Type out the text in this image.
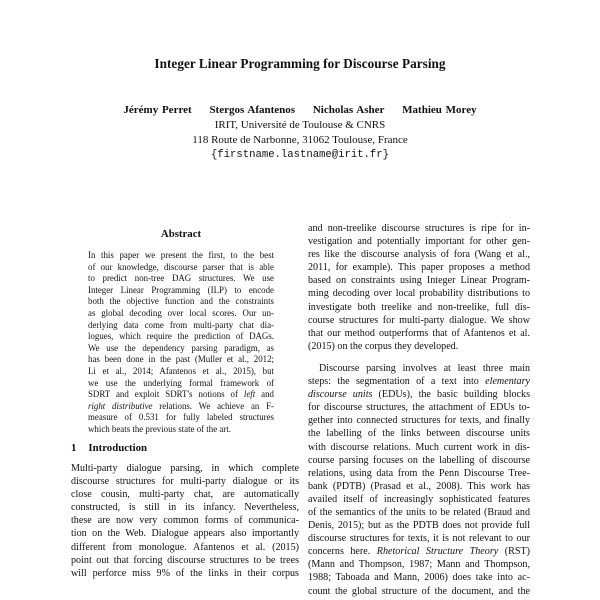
Integer Linear Programming for Discourse Parsing
Jérémy Perret Stergos Afantenos Nicholas Asher Mathieu Morey
IRIT, Université de Toulouse & CNRS
118 Route de Narbonne, 31062 Toulouse, France
{firstname.lastname@irit.fr}
Abstract
In this paper we present the first, to the best
of our knowledge, discourse parser that is able
to predict non-tree DAG structures. We use
Integer Linear Programming (ILP) to encode
both the objective function and the constraints
as global decoding over local scores. Our un-
derlying data come from multi-party chat dia-
logues, which require the prediction of DAGs.
We use the dependency parsing paradigm, as
has been done in the past (Muller et al., 2012;
Li et al., 2014; Afantenos et al., 2015), but
we use the underlying formal framework of
SDRT and exploit SDRT's notions of left and
right distributive relations. We achieve an F-
measure of 0.531 for fully labeled structures
which beats the previous state of the art.
1 Introduction
Multi-party dialogue parsing, in which complete
discourse structures for multi-party dialogue or its
close cousin, multi-party chat, are automatically
constructed, is still in its infancy. Nevertheless,
these are now very common forms of communica-
tion on the Web. Dialogue appears also importantly
different from monologue. Afantenos et al. (2015)
point out that forcing discourse structures to be trees
will perforce miss 9% of the links in their corpus
and non-treelike discourse structures is ripe for in-
vestigation and potentially important for other gen-
res like the discourse analysis of fora (Wang et al.,
2011, for example). This paper proposes a method
based on constraints using Integer Linear Program-
ming decoding over local probability distributions to
investigate both treelike and non-treelike, full dis-
course structures for multi-party dialogue. We show
that our method outperforms that of Afantenos et al.
(2015) on the corpus they developed.
Discourse parsing involves at least three main
steps: the segmentation of a text into elementary
discourse units (EDUs), the basic building blocks
for discourse structures, the attachment of EDUs to-
gether into connected structures for texts, and finally
the labelling of the links between discourse units
with discourse relations. Much current work in dis-
course parsing focuses on the labelling of discourse
relations, using data from the Penn Discourse Tree-
bank (PDTB) (Prasad et al., 2008). This work has
availed itself of increasingly sophisticated features
of the semantics of the units to be related (Braud and
Denis, 2015); but as the PDTB does not provide full
discourse structures for texts, it is not relevant to our
concerns here. Rhetorical Structure Theory (RST)
(Mann and Thompson, 1987; Mann and Thompson,
1988; Taboada and Mann, 2006) does take into ac-
count the global structure of the document, and the
